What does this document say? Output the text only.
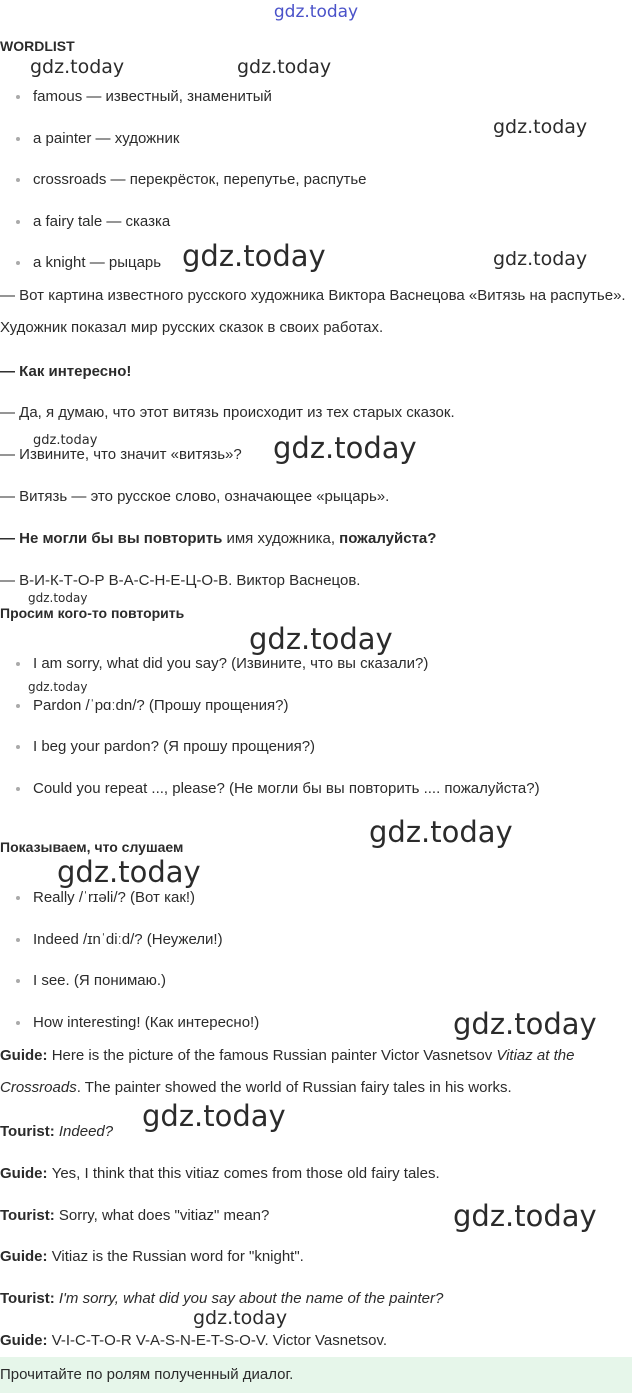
gdz.today
WORDLIST
famous — известный, знаменитый
a painter — художник
crossroads — перекрёсток, перепутье, распутье
a fairy tale — сказка
a knight — рыцарь
— Вот картина известного русского художника Виктора Васнецова «Витязь на распутье». Художник показал мир русских сказок в своих работах.
— Как интересно!
— Да, я думаю, что этот витязь происходит из тех старых сказок.
— Извините, что значит «витязь»?
— Витязь — это русское слово, означающее «рыцарь».
— Не могли бы вы повторить имя художника, пожалуйста?
— В-И-К-Т-О-Р В-А-С-Н-Е-Ц-О-В. Виктор Васнецов.
Просим кого-то повторить
I am sorry, what did you say? (Извините, что вы сказали?)
Pardon /ˈpɑːdn/? (Прошу прощения?)
I beg your pardon? (Я прошу прощения?)
Could you repeat ..., please? (Не могли бы вы повторить .... пожалуйста?)
Показываем, что слушаем
Really /ˈrɪəli/? (Вот как!)
Indeed /ɪnˈdiːd/? (Неужели!)
I see. (Я понимаю.)
How interesting! (Как интересно!)
Guide: Here is the picture of the famous Russian painter Victor Vasnetsov Vitiaz at the Crossroads. The painter showed the world of Russian fairy tales in his works.
Tourist: Indeed?
Guide: Yes, I think that this vitiaz comes from those old fairy tales.
Tourist: Sorry, what does "vitiaz" mean?
Guide: Vitiaz is the Russian word for "knight".
Tourist: I'm sorry, what did you say about the name of the painter?
Guide: V-I-C-T-O-R V-A-S-N-E-T-S-O-V. Victor Vasnetsov.
Прочитайте по ролям полученный диалог.
gdz.today	gdz.today
gdz.today
gdz.today	gdz.today
gdz.today	gdz.today
gdz.today
gdz.today
gdz.today
gdz.today
gdz.today
gdz.today
gdz.today
gdz.today
gdz.today
